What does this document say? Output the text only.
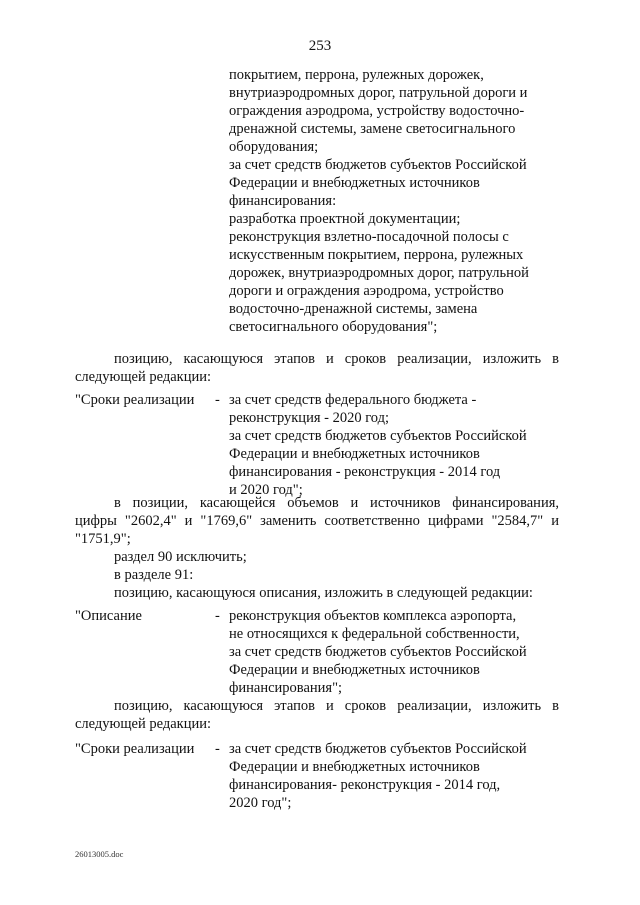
253
покрытием, перрона, рулежных дорожек,
внутриаэродромных дорог, патрульной дороги и
ограждения аэродрома, устройству водосточно-
дренажной системы, замене светосигнального
оборудования;
за счет средств бюджетов субъектов Российской
Федерации и внебюджетных источников
финансирования:
разработка проектной документации;
реконструкция взлетно-посадочной полосы с
искусственным покрытием, перрона, рулежных
дорожек, внутриаэродромных дорог, патрульной
дороги и ограждения аэродрома, устройство
водосточно-дренажной системы, замена
светосигнального оборудования";
позицию, касающуюся этапов и сроков реализации, изложить в
следующей редакции:
"Сроки реализации - за счет средств федерального бюджета -
реконструкция - 2020 год;
за счет средств бюджетов субъектов Российской
Федерации и внебюджетных источников
финансирования - реконструкция - 2014 год
и 2020 год";
в позиции, касающейся объемов и источников финансирования,
цифры "2602,4" и "1769,6" заменить соответственно цифрами "2584,7" и
"1751,9";
раздел 90 исключить;
в разделе 91:
позицию, касающуюся описания, изложить в следующей редакции:
"Описание	- реконструкция объектов комплекса аэропорта,
не относящихся к федеральной собственности,
за счет средств бюджетов субъектов Российской
Федерации и внебюджетных источников
финансирования";
позицию, касающуюся этапов и сроков реализации, изложить в
следующей редакции:
"Сроки реализации - за счет средств бюджетов субъектов Российской
Федерации и внебюджетных источников
финансирования- реконструкция - 2014 год,
2020 год";
26013005.doc
